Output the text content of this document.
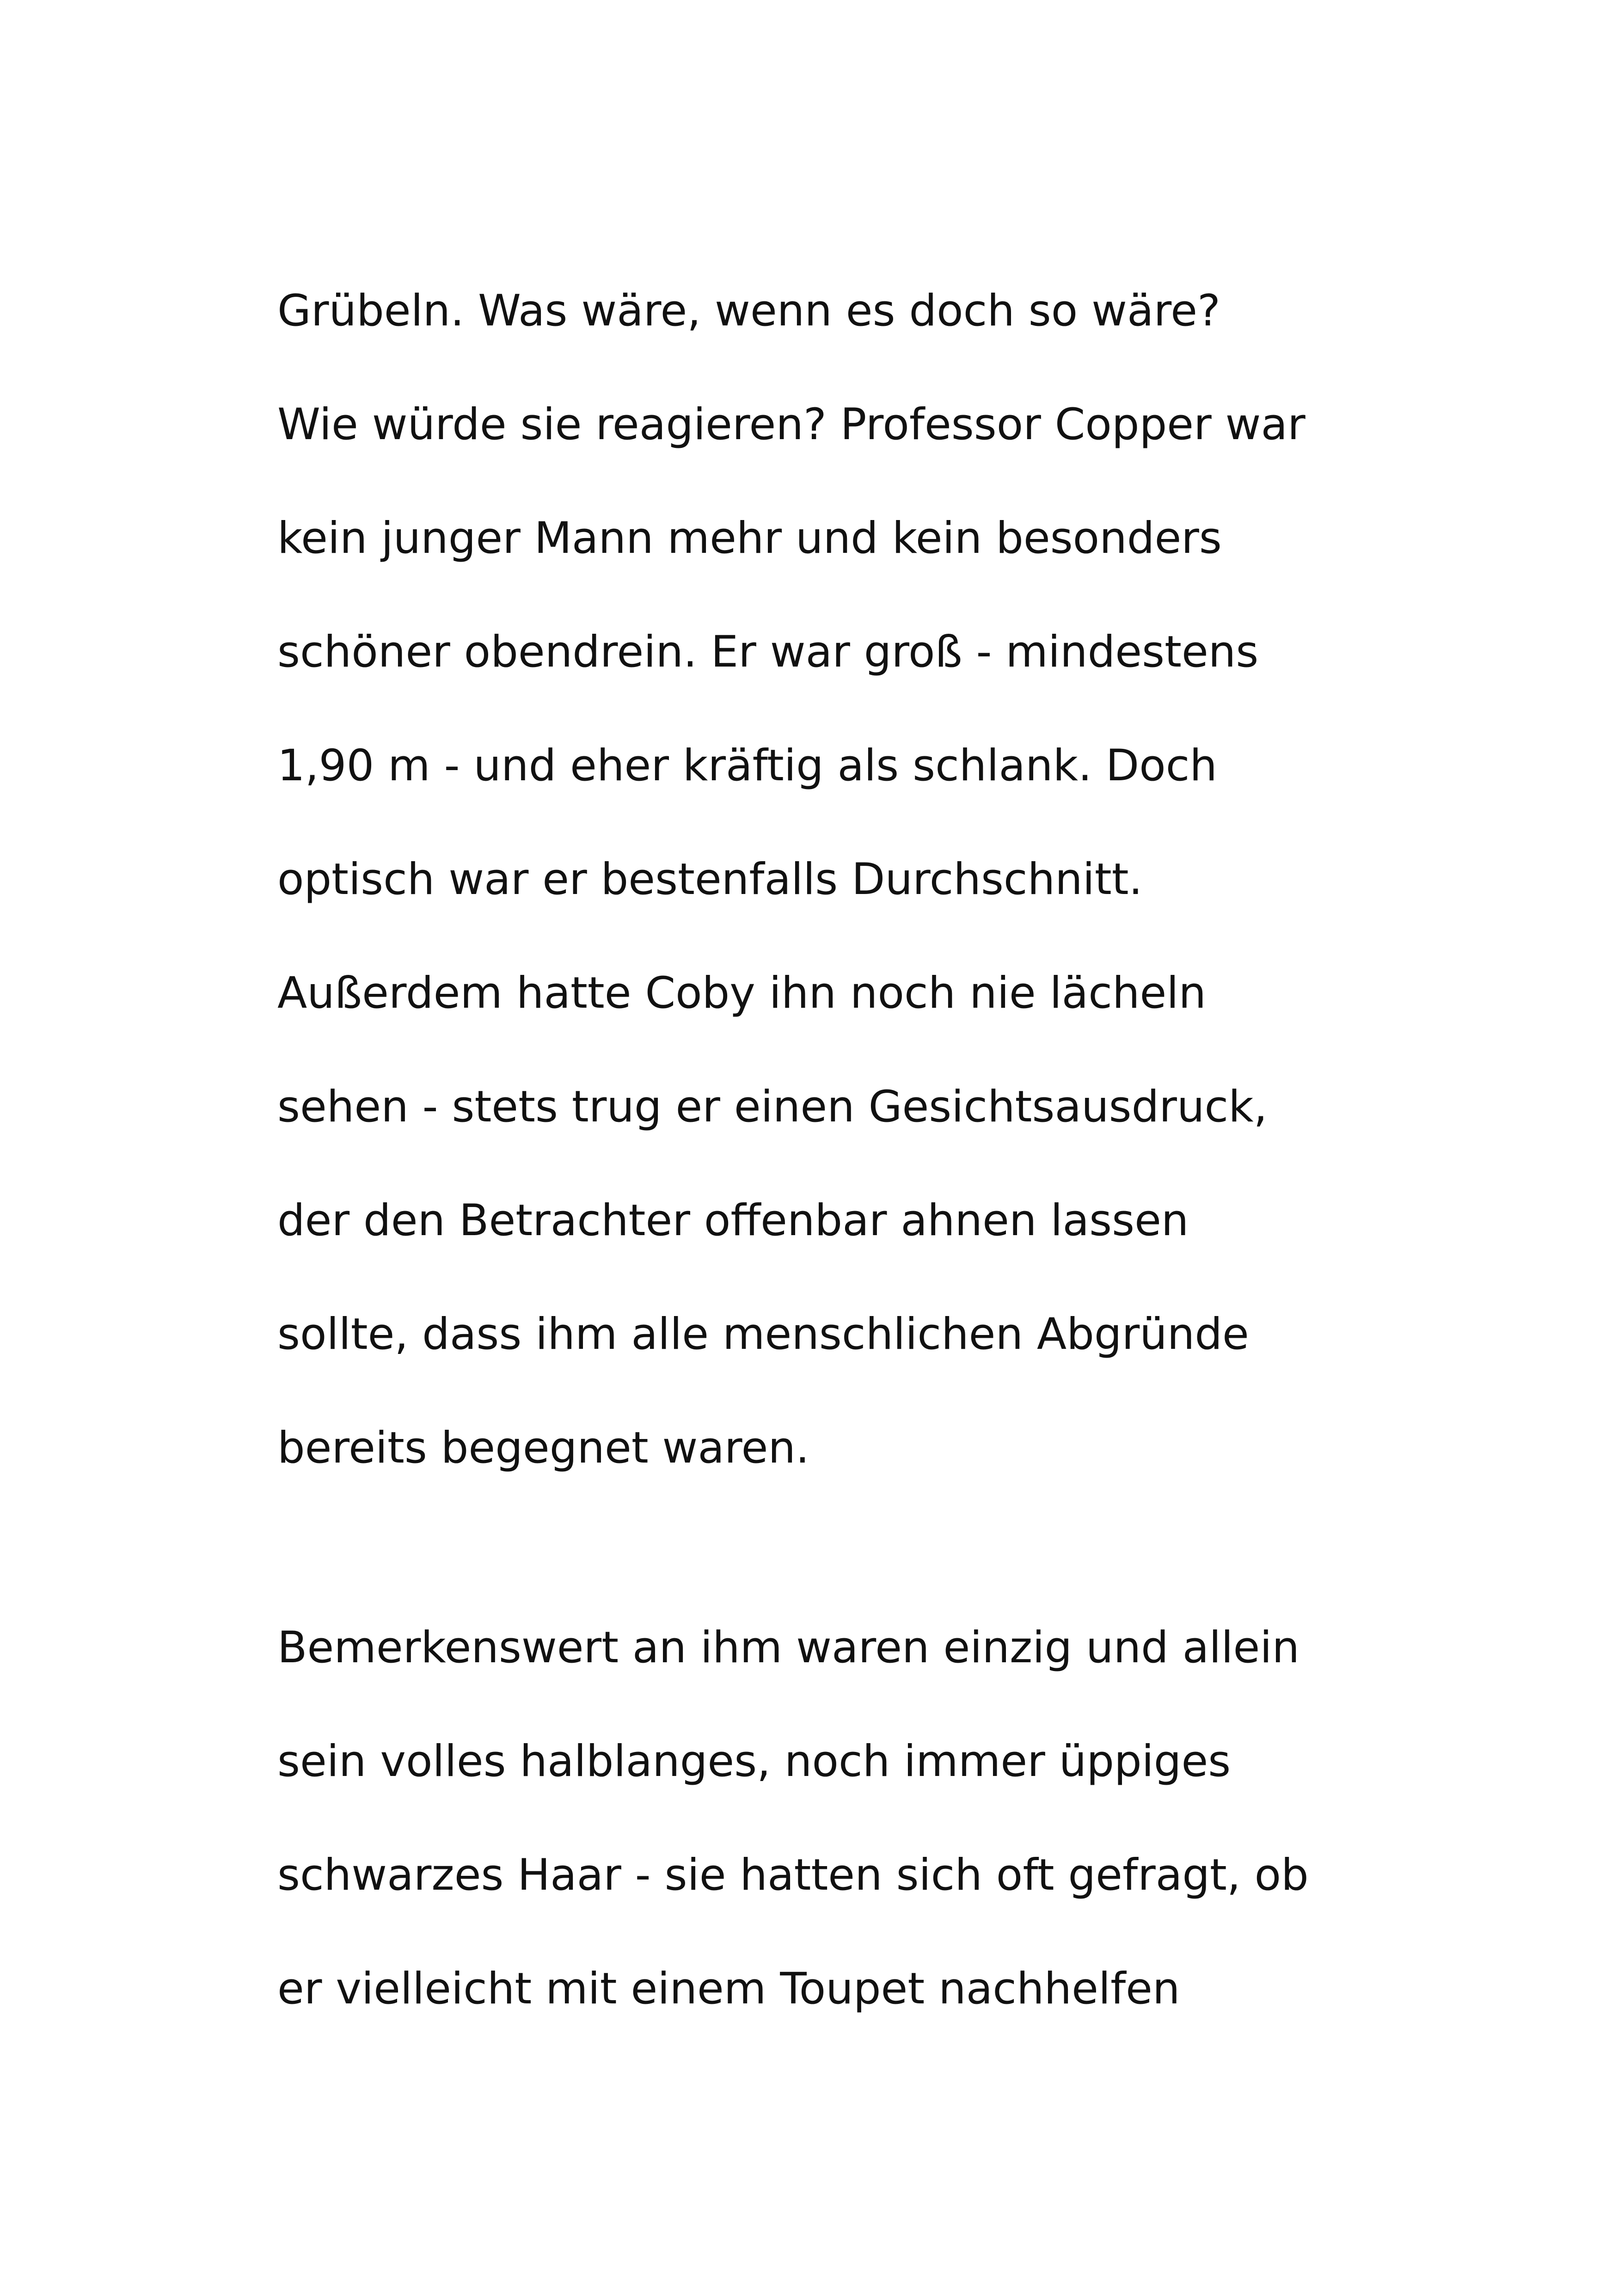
Grübeln. Was wäre, wenn es doch so wäre?
Wie würde sie reagieren? Professor Copper war
kein junger Mann mehr und kein besonders
schöner obendrein. Er war groß - mindestens
1,90 m - und eher kräftig als schlank. Doch
optisch war er bestenfalls Durchschnitt.
Außerdem hatte Coby ihn noch nie lächeln
sehen - stets trug er einen Gesichtsausdruck,
der den Betrachter offenbar ahnen lassen
sollte, dass ihm alle menschlichen Abgründe
bereits begegnet waren.

Bemerkenswert an ihm waren einzig und allein
sein volles halblanges, noch immer üppiges
schwarzes Haar - sie hatten sich oft gefragt, ob
er vielleicht mit einem Toupet nachhelfen
